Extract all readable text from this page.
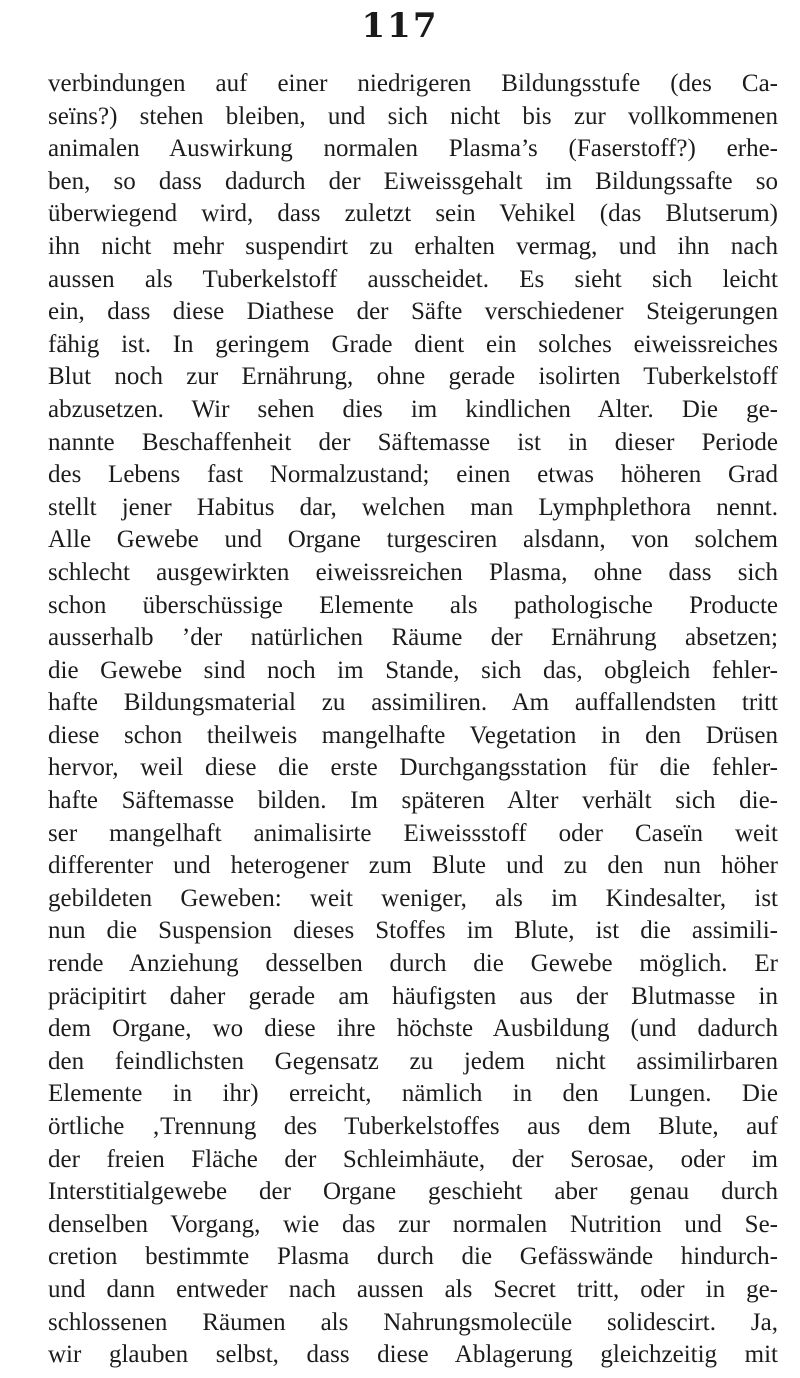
117
verbindungen auf einer niedrigeren Bildungsstufe (des Ca-
seïns?) stehen bleiben, und sich nicht bis zur vollkommenen
animalen Auswirkung normalen Plasma’s (Faserstoff?) erhe-
ben, so dass dadurch der Eiweissgehalt im Bildungssafte so
überwiegend wird, dass zuletzt sein Vehikel (das Blutserum)
ihn nicht mehr suspendirt zu erhalten vermag, und ihn nach
aussen als Tuberkelstoff ausscheidet. Es sieht sich leicht
ein, dass diese Diathese der Säfte verschiedener Steigerungen
fähig ist. In geringem Grade dient ein solches eiweissreiches
Blut noch zur Ernährung, ohne gerade isolirten Tuberkelstoff
abzusetzen. Wir sehen dies im kindlichen Alter. Die ge-
nannte Beschaffenheit der Säftemasse ist in dieser Periode
des Lebens fast Normalzustand; einen etwas höheren Grad
stellt jener Habitus dar, welchen man Lymphplethora nennt.
Alle Gewebe und Organe turgesciren alsdann, von solchem
schlecht ausgewirkten eiweissreichen Plasma, ohne dass sich
schon überschüssige Elemente als pathologische Producte
ausserhalb ’der natürlichen Räume der Ernährung absetzen;
die Gewebe sind noch im Stande, sich das, obgleich fehler-
hafte Bildungsmaterial zu assimiliren. Am auffallendsten tritt
diese schon theilweis mangelhafte Vegetation in den Drüsen
hervor, weil diese die erste Durchgangsstation für die fehler-
hafte Säftemasse bilden. Im späteren Alter verhält sich die-
ser mangelhaft animalisirte Eiweissstoff oder Caseïn weit
differenter und heterogener zum Blute und zu den nun höher
gebildeten Geweben: weit weniger, als im Kindesalter, ist
nun die Suspension dieses Stoffes im Blute, ist die assimili-
rende Anziehung desselben durch die Gewebe möglich. Er
präcipitirt daher gerade am häufigsten aus der Blutmasse in
dem Organe, wo diese ihre höchste Ausbildung (und dadurch
den feindlichsten Gegensatz zu jedem nicht assimilirbaren
Elemente in ihr) erreicht, nämlich in den Lungen. Die
örtliche ‚Trennung des Tuberkelstoffes aus dem Blute, auf
der freien Fläche der Schleimhäute, der Serosae, oder im
Interstitialgewebe der Organe geschieht aber genau durch
denselben Vorgang, wie das zur normalen Nutrition und Se-
cretion bestimmte Plasma durch die Gefässwände hindurch-
und dann entweder nach aussen als Secret tritt, oder in ge-
schlossenen Räumen als Nahrungsmolecüle solidescirt. Ja,
wir glauben selbst, dass diese Ablagerung gleichzeitig mit
